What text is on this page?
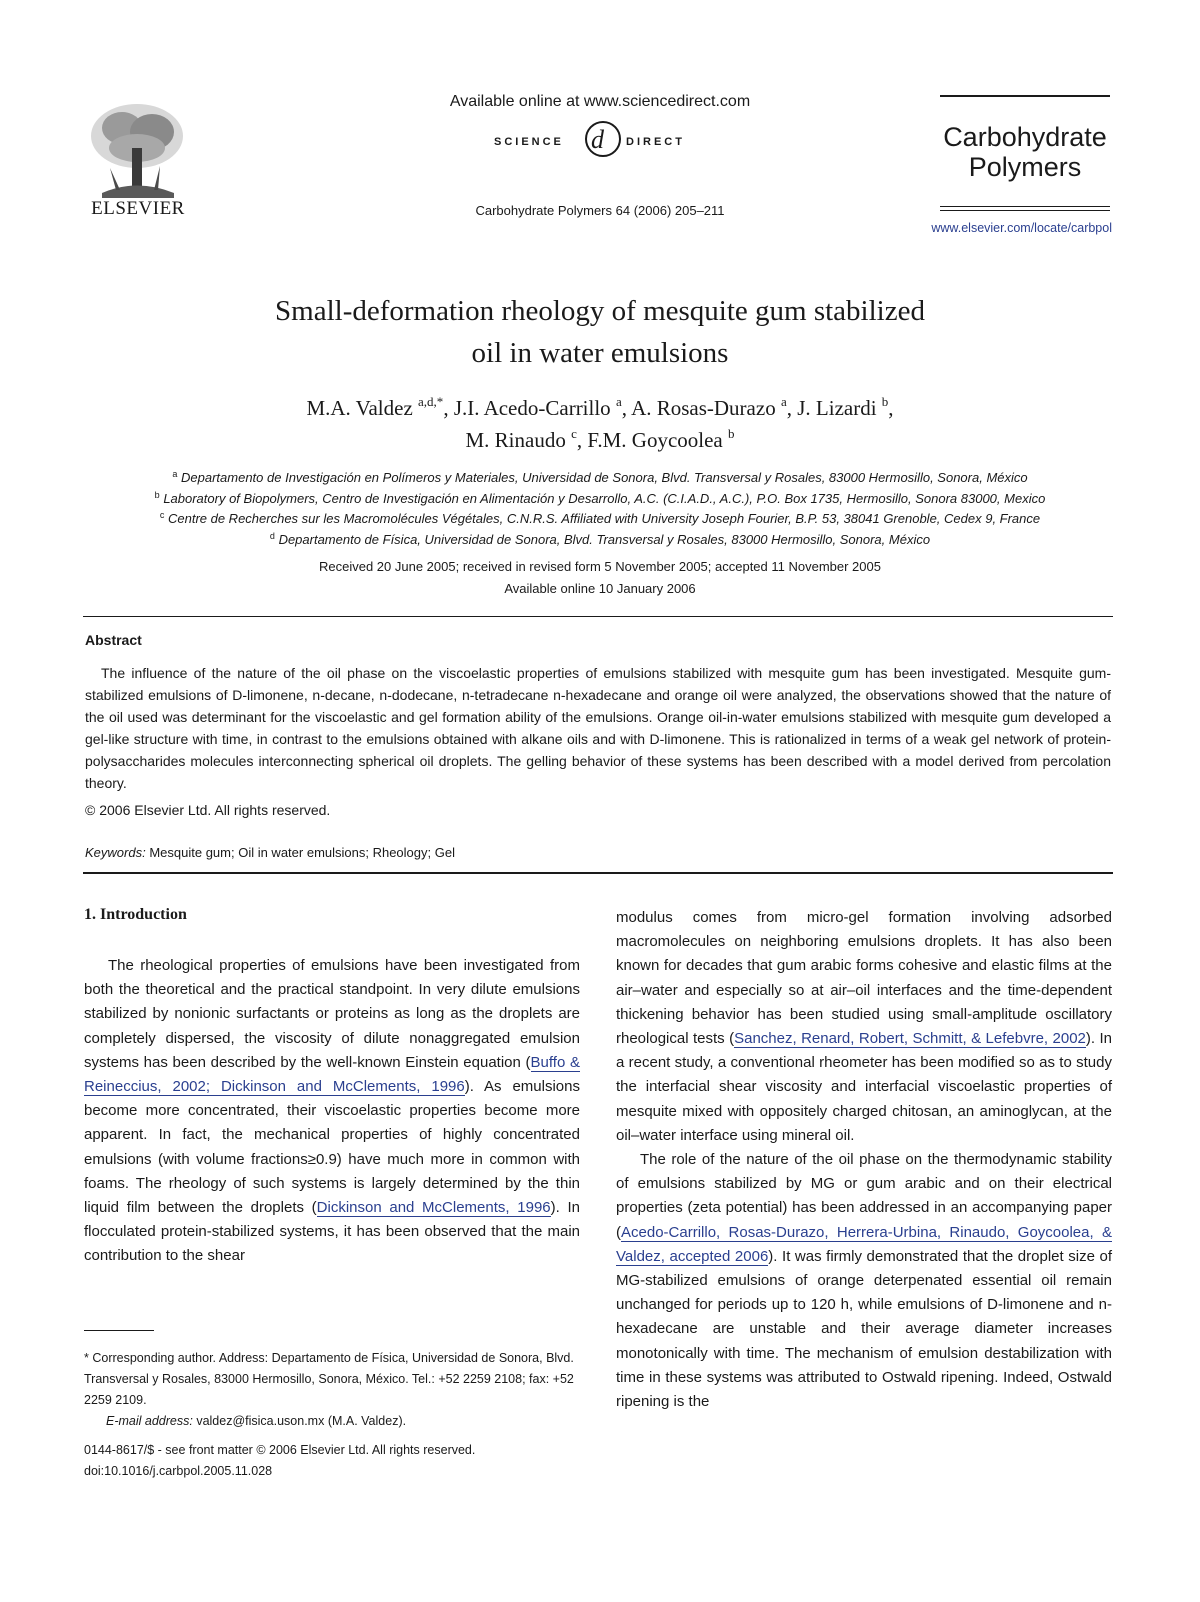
ELSEVIER
Available online at www.sciencedirect.com
SCIENCE d DIRECT
Carbohydrate Polymers 64 (2006) 205–211
Carbohydrate
Polymers
www.elsevier.com/locate/carbpol
Small-deformation rheology of mesquite gum stabilized
oil in water emulsions
M.A. Valdez $^{a,d,*}$, J.I. Acedo-Carrillo $^a$, A. Rosas-Durazo $^a$, J. Lizardi $^b$,
M. Rinaudo $^c$, F.M. Goycoolea $^b$
$^a$ Departamento de Investigación en Polímeros y Materiales, Universidad de Sonora, Blvd. Transversal y Rosales, 83000 Hermosillo, Sonora, México
$^b$ Laboratory of Biopolymers, Centro de Investigación en Alimentación y Desarrollo, A.C. (C.I.A.D., A.C.), P.O. Box 1735, Hermosillo, Sonora 83000, Mexico
$^c$ Centre de Recherches sur les Macromolécules Végétales, C.N.R.S. Affiliated with University Joseph Fourier, B.P. 53, 38041 Grenoble, Cedex 9, France
$^d$ Departamento de Física, Universidad de Sonora, Blvd. Transversal y Rosales, 83000 Hermosillo, Sonora, México
Received 20 June 2005; received in revised form 5 November 2005; accepted 11 November 2005
Available online 10 January 2006
Abstract

The influence of the nature of the oil phase on the viscoelastic properties of emulsions stabilized with mesquite gum has been investigated. Mesquite gum-stabilized emulsions of D-limonene, n-decane, n-dodecane, n-tetradecane n-hexadecane and orange oil were analyzed, the observations showed that the nature of the oil used was determinant for the viscoelastic and gel formation ability of the emulsions. Orange oil-in-water emulsions stabilized with mesquite gum developed a gel-like structure with time, in contrast to the emulsions obtained with alkane oils and with D-limonene. This is rationalized in terms of a weak gel network of protein-polysaccharides molecules interconnecting spherical oil droplets. The gelling behavior of these systems has been described with a model derived from percolation theory.

© 2006 Elsevier Ltd. All rights reserved.
Keywords: Mesquite gum; Oil in water emulsions; Rheology; Gel
1. Introduction

The rheological properties of emulsions have been investigated from both the theoretical and the practical standpoint. In very dilute emulsions stabilized by nonionic surfactants or proteins as long as the droplets are completely dispersed, the viscosity of dilute nonaggregated emulsion systems has been described by the well-known Einstein equation (Buffo & Reineccius, 2002; Dickinson and McClements, 1996). As emulsions become more concentrated, their viscoelastic properties become more apparent. In fact, the mechanical properties of highly concentrated emulsions (with volume fractions≥0.9) have much more in common with foams. The rheology of such systems is largely determined by the thin liquid film between the droplets (Dickinson and McClements, 1996). In flocculated protein-stabilized systems, it has been observed that the main contribution to the shear

modulus comes from micro-gel formation involving adsorbed macromolecules on neighboring emulsions droplets. It has also been known for decades that gum arabic forms cohesive and elastic films at the air–water and especially so at air–oil interfaces and the time-dependent thickening behavior has been studied using small-amplitude oscillatory rheological tests (Sanchez, Renard, Robert, Schmitt, & Lefebvre, 2002). In a recent study, a conventional rheometer has been modified so as to study the interfacial shear viscosity and interfacial viscoelastic properties of mesquite mixed with oppositely charged chitosan, an aminoglycan, at the oil–water interface using mineral oil.

The role of the nature of the oil phase on the thermodynamic stability of emulsions stabilized by MG or gum arabic and on their electrical properties (zeta potential) has been addressed in an accompanying paper (Acedo-Carrillo, Rosas-Durazo, Herrera-Urbina, Rinaudo, Goycoolea, & Valdez, accepted 2006). It was firmly demonstrated that the droplet size of MG-stabilized emulsions of orange deterpenated essential oil remain unchanged for periods up to 120 h, while emulsions of D-limonene and n-hexadecane are unstable and their average diameter increases monotonically with time. The mechanism of emulsion destabilization with time in these systems was attributed to Ostwald ripening. Indeed, Ostwald ripening is the

* Corresponding author. Address: Departamento de Física, Universidad de Sonora, Blvd. Transversal y Rosales, 83000 Hermosillo, Sonora, México. Tel.: +52 2259 2108; fax: +52 2259 2109.

E-mail address: valdez@fisica.uson.mx (M.A. Valdez).

0144-8617/$ - see front matter © 2006 Elsevier Ltd. All rights reserved.

doi:10.1016/j.carbpol.2005.11.028
